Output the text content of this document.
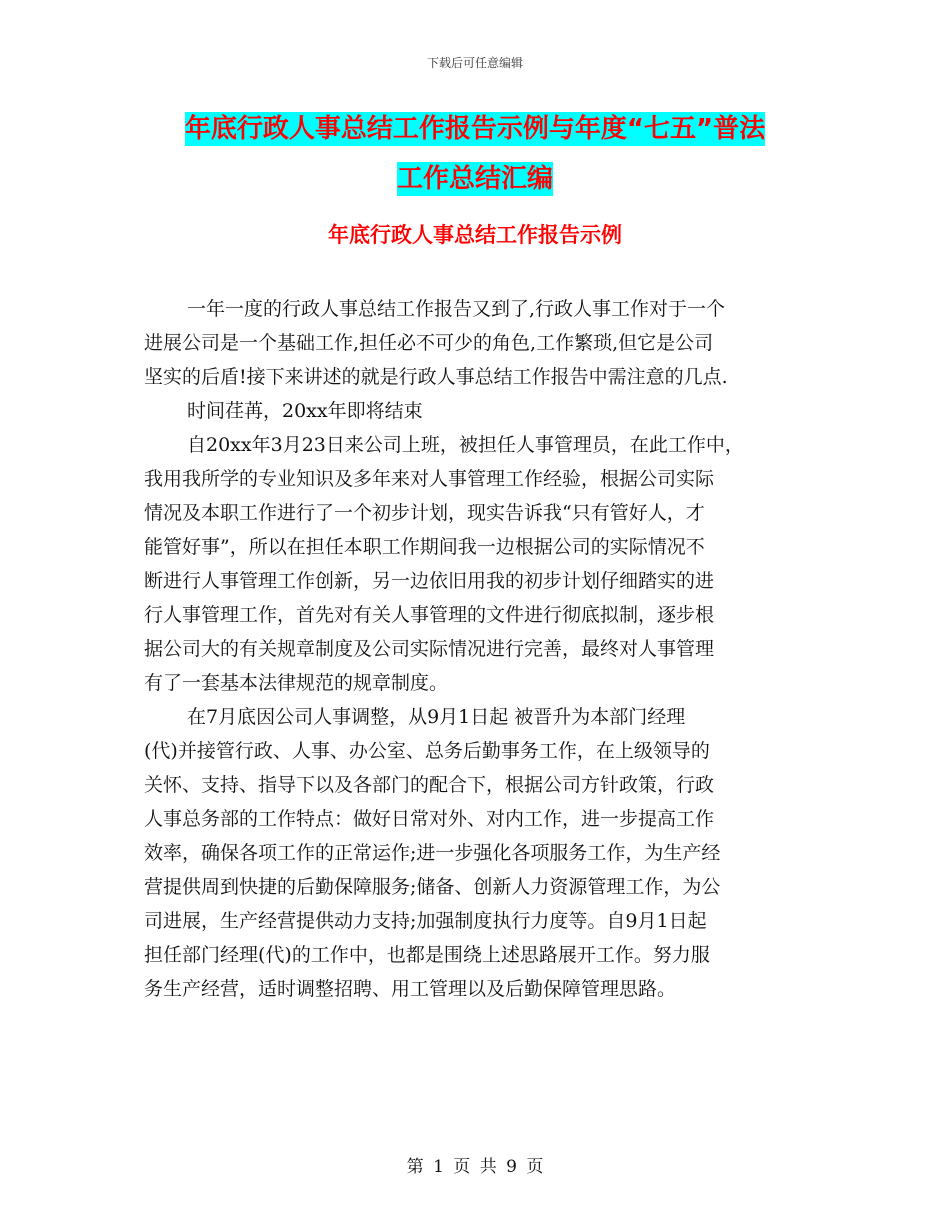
下载后可任意编辑
年底行政人事总结工作报告示例与年度“七五”普法
工作总结汇编
年底行政人事总结工作报告示例
一年一度的行政人事总结工作报告又到了,行政人事工作对于一个
进展公司是一个基础工作,担任必不可少的角色,工作繁琐,但它是公司
坚实的后盾!接下来讲述的就是行政人事总结工作报告中需注意的几点.
时间荏苒，20xx年即将结束
自20xx年3月23日来公司上班，被担任人事管理员，在此工作中，
我用我所学的专业知识及多年来对人事管理工作经验，根据公司实际
情况及本职工作进行了一个初步计划，现实告诉我“只有管好人，才
能管好事”，所以在担任本职工作期间我一边根据公司的实际情况不
断进行人事管理工作创新，另一边依旧用我的初步计划仔细踏实的进
行人事管理工作，首先对有关人事管理的文件进行彻底拟制，逐步根
据公司大的有关规章制度及公司实际情况进行完善，最终对人事管理
有了一套基本法律规范的规章制度。
在7月底因公司人事调整，从9月1日起 被晋升为本部门经理
(代)并接管行政、人事、办公室、总务后勤事务工作，在上级领导的
关怀、支持、指导下以及各部门的配合下，根据公司方针政策，行政
人事总务部的工作特点：做好日常对外、对内工作，进一步提高工作
效率，确保各项工作的正常运作;进一步强化各项服务工作，为生产经
营提供周到快捷的后勤保障服务;储备、创新人力资源管理工作，为公
司进展，生产经营提供动力支持;加强制度执行力度等。自9月1日起
担任部门经理(代)的工作中，也都是围绕上述思路展开工作。努力服
务生产经营，适时调整招聘、用工管理以及后勤保障管理思路。
第 1 页 共 9 页
